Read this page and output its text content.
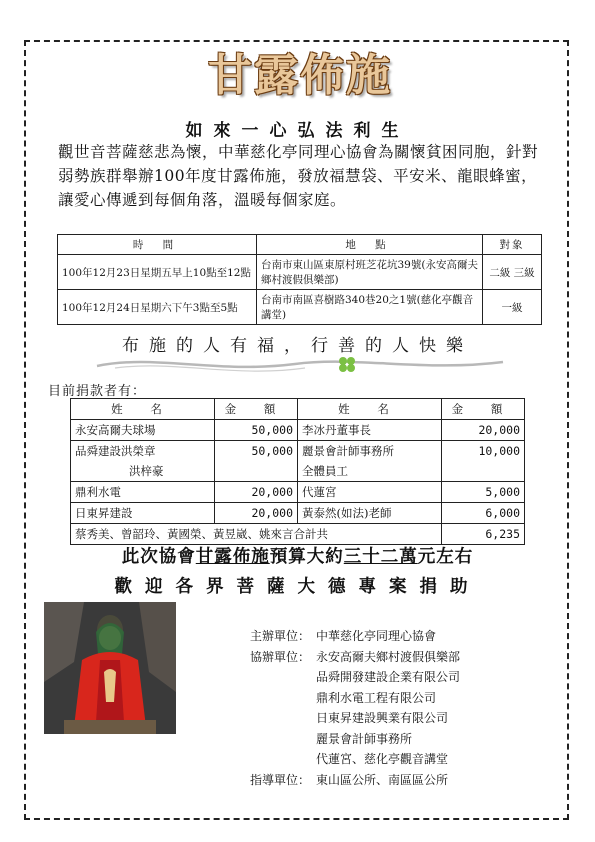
甘露佈施
如來一心弘法利生
觀世音菩薩慈悲為懷，中華慈化亭同理心協會為關懷貧困同胞，針對弱勢族群舉辦100年度甘露佈施，發放福慧袋、平安米、龍眼蜂蜜，讓愛心傳遞到每個角落，溫暖每個家庭。
時 間	地 點	對象
100年12月23日星期五早上10點至12點	台南市東山區東原村班芝花坑39號(永安高爾夫鄉村渡假俱樂部)	二級 三級
100年12月24日星期六下午3點至5點	台南市南區喜樹路340巷20之1號(慈化亭觀音講堂)	一級
布施的人有福，行善的人快樂
目前捐款者有：
姓 名	金 額	姓 名	金 額
永安高爾夫球場	50,000	李冰丹董事長	20,000
品舜建設洪榮章	50,000	麗景會計師事務所	10,000
洪梓豪		全體員工	
鼎利水電	20,000	代蓮宮	5,000
日東昇建設	20,000	黃泰然(如法)老師	6,000
蔡秀美、曾韶玲、黃國榮、黃昱崴、姚來言合計共			6,235
此次協會甘露佈施預算大約三十二萬元左右
歡迎各界菩薩大德專案捐助
主辦單位： 中華慈化亭同理心協會
協辦單位： 永安高爾夫鄉村渡假俱樂部
品舜開發建設企業有限公司
鼎利水電工程有限公司
日東昇建設興業有限公司
麗景會計師事務所
代蓮宮、慈化亭觀音講堂
指導單位： 東山區公所、南區區公所
